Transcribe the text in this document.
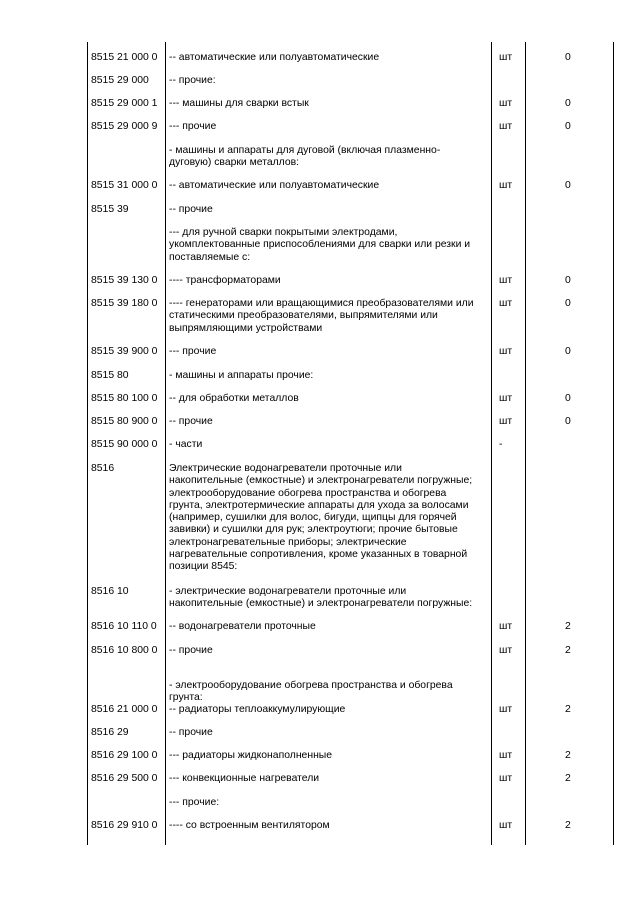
8515 21 000 0 -- автоматические или полуавтоматические	шт	0
8515 29 000 -- прочие:
8515 29 000 1 --- машины для сварки встык	шт	0
8515 29 000 9 --- прочие	шт	0
- машины и аппараты для дуговой (включая плазменно-
дуговую) сварки металлов:
8515 31 000 0 -- автоматические или полуавтоматические	шт	0
8515 39	-- прочие
--- для ручной сварки покрытыми электродами,
укомплектованные приспособлениями для сварки или резки и
поставляемые с:
8515 39 130 0 ---- трансформаторами	шт	0
8515 39 180 0 ---- генераторами или вращающимися преобразователями или
статическими преобразователями, выпрямителями или
выпрямляющими устройствами
шт	0
8515 39 900 0 --- прочие	шт	0
8515 80	- машины и аппараты прочие:
8515 80 100 0 -- для обработки металлов	шт	0
8515 80 900 0 -- прочие	шт	0
8515 90 000 0 - части	-
8516	Электрические водонагреватели проточные или
накопительные (емкостные) и электронагреватели погружные;
электрооборудование обогрева пространства и обогрева
грунта, электротермические аппараты для ухода за волосами
(например, сушилки для волос, бигуди, щипцы для горячей
завивки) и сушилки для рук; электроутюги; прочие бытовые
электронагревательные приборы; электрические
нагревательные сопротивления, кроме указанных в товарной
позиции 8545:
8516 10	- электрические водонагреватели проточные или
накопительные (емкостные) и электронагреватели погружные:
8516 10 110 0 -- водонагреватели проточные	шт	2
8516 10 800 0 -- прочие	шт	2
- электрооборудование обогрева пространства и обогрева
грунта:
8516 21 000 0 -- радиаторы теплоаккумулирующие	шт	2
8516 29	-- прочие
8516 29 100 0 --- радиаторы жидконаполненные	шт	2
8516 29 500 0 --- конвекционные нагреватели	шт	2
--- прочие:
8516 29 910 0 ---- со встроенным вентилятором	шт	2
